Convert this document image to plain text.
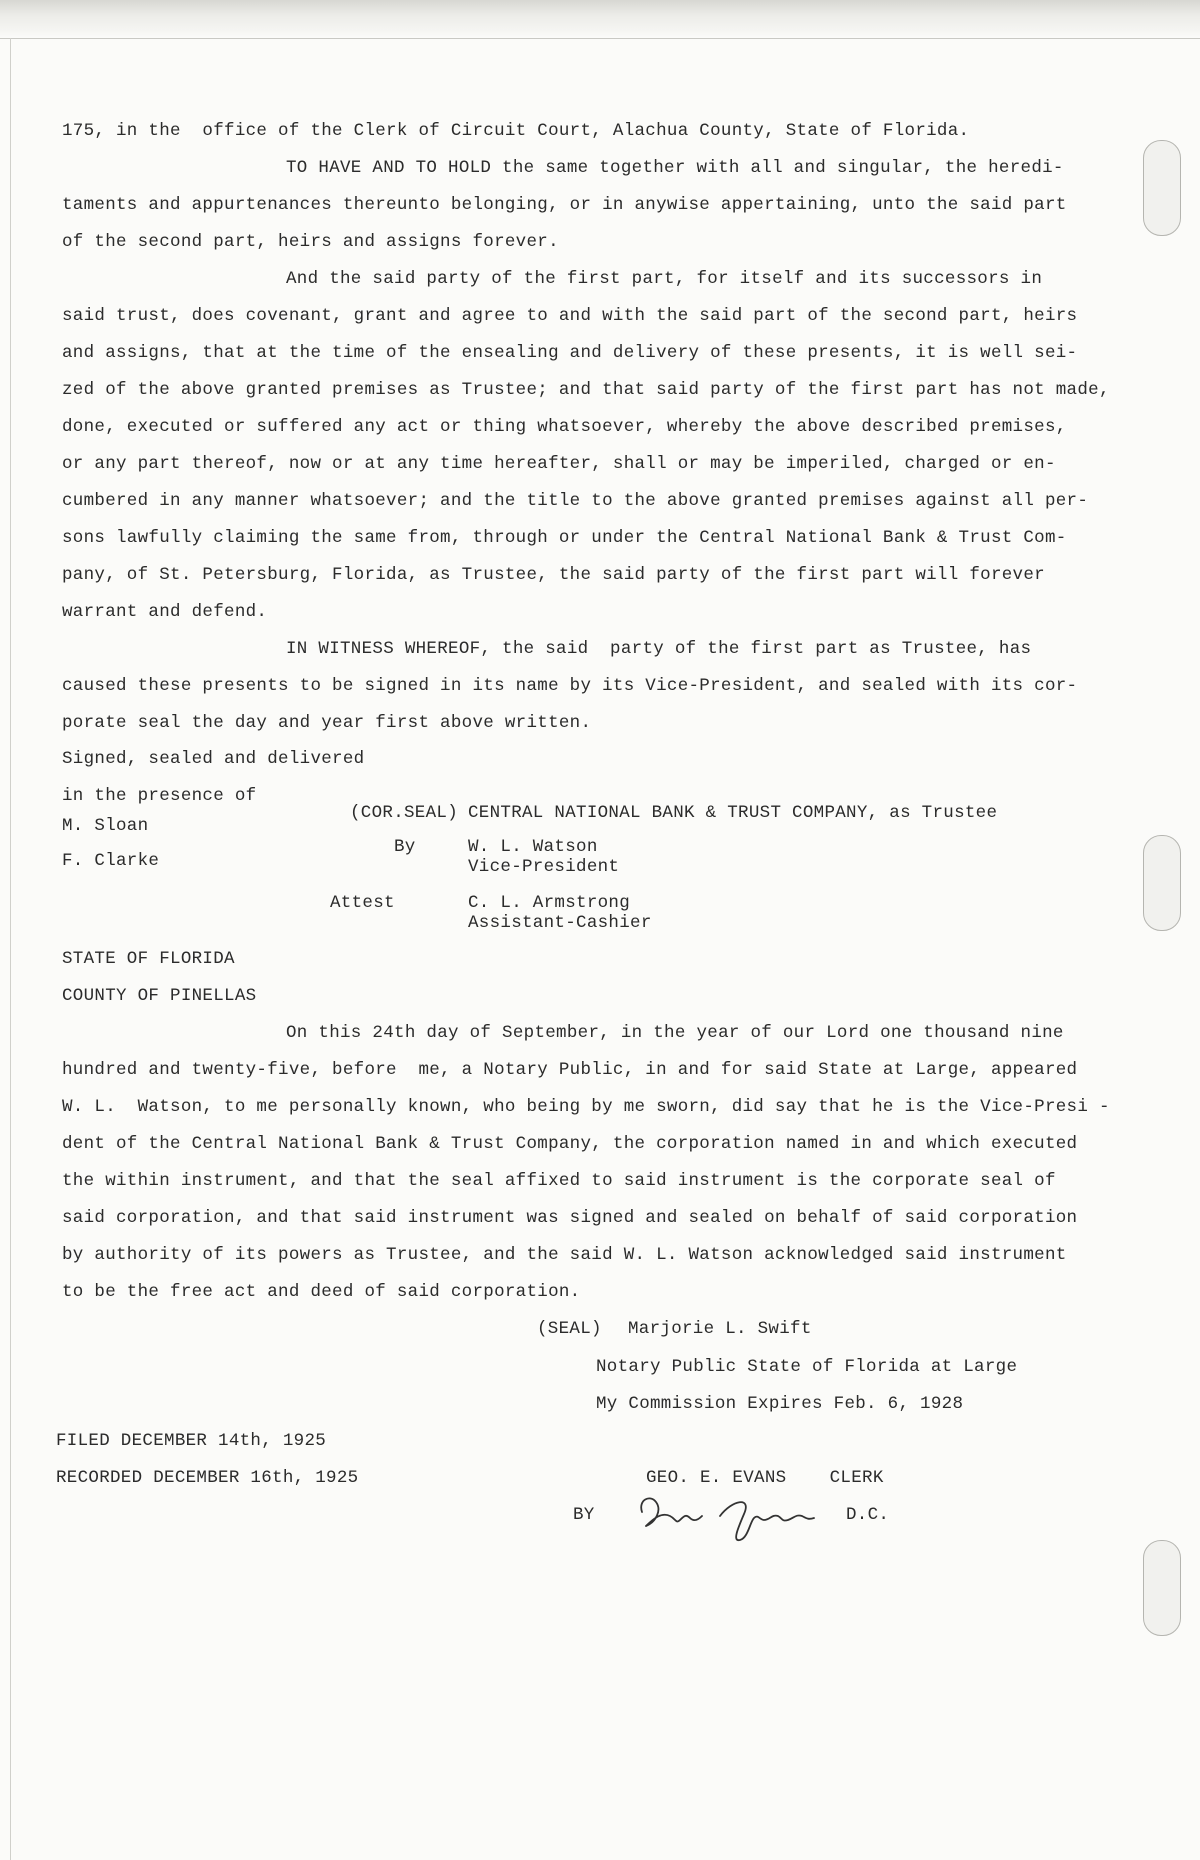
175, in the  office of the Clerk of Circuit Court, Alachua County, State of Florida.
TO HAVE AND TO HOLD the same together with all and singular, the heredi-
taments and appurtenances thereunto belonging, or in anywise appertaining, unto the said part
of the second part, heirs and assigns forever.
And the said party of the first part, for itself and its successors in
said trust, does covenant, grant and agree to and with the said part of the second part, heirs
and assigns, that at the time of the ensealing and delivery of these presents, it is well sei-
zed of the above granted premises as Trustee; and that said party of the first part has not made,
done, executed or suffered any act or thing whatsoever, whereby the above described premises,
or any part thereof, now or at any time hereafter, shall or may be imperiled, charged or en-
cumbered in any manner whatsoever; and the title to the above granted premises against all per-
sons lawfully claiming the same from, through or under the Central National Bank & Trust Com-
pany, of St. Petersburg, Florida, as Trustee, the said party of the first part will forever
warrant and defend.
IN WITNESS WHEREOF, the said  party of the first part as Trustee, has
caused these presents to be signed in its name by its Vice-President, and sealed with its cor-
porate seal the day and year first above written.
Signed, sealed and delivered
in the presence of
M. Sloan
F. Clarke
(COR.SEAL) CENTRAL NATIONAL BANK & TRUST COMPANY, as Trustee
By	W. L. Watson
Vice-President
Attest	C. L. Armstrong
Assistant-Cashier
STATE OF FLORIDA
COUNTY OF PINELLAS
On this 24th day of September, in the year of our Lord one thousand nine
hundred and twenty-five, before  me, a Notary Public, in and for said State at Large, appeared
W. L.  Watson, to me personally known, who being by me sworn, did say that he is the Vice-Presi -
dent of the Central National Bank & Trust Company, the corporation named in and which executed
the within instrument, and that the seal affixed to said instrument is the corporate seal of
said corporation, and that said instrument was signed and sealed on behalf of said corporation
by authority of its powers as Trustee, and the said W. L. Watson acknowledged said instrument
to be the free act and deed of said corporation.
(SEAL) Marjorie L. Swift
Notary Public State of Florida at Large
My Commission Expires Feb. 6, 1928
FILED DECEMBER 14th, 1925
RECORDED DECEMBER 16th, 1925	GEO. E. EVANS    CLERK
BY	D.C.
